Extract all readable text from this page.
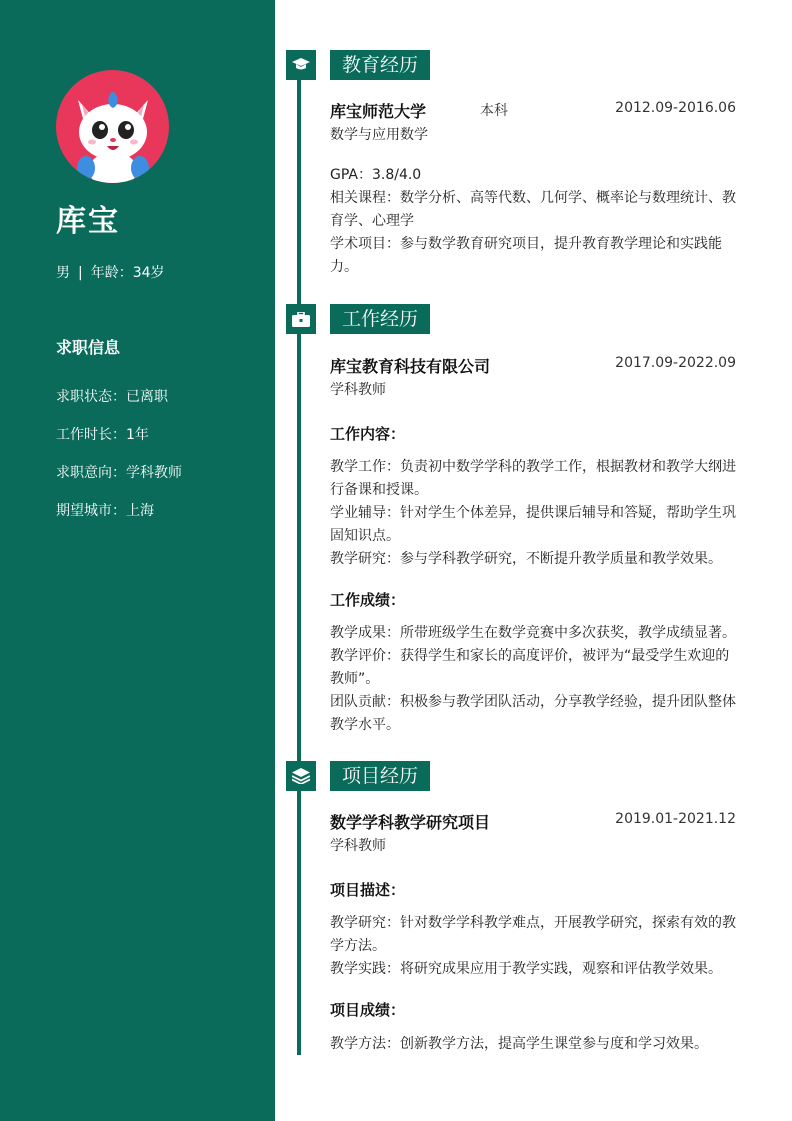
库宝
男 | 年龄：34岁
求职信息
求职状态：已离职
工作时长：1年
求职意向：学科教师
期望城市：上海
教育经历
库宝师范大学	本科	2012.09-2016.06
数学与应用数学
GPA：3.8/4.0
相关课程：数学分析、高等代数、几何学、概率论与数理统计、教
育学、心理学
学术项目：参与数学教育研究项目，提升教育教学理论和实践能
力。
工作经历
库宝教育科技有限公司	2017.09-2022.09
学科教师
工作内容：
教学工作：负责初中数学学科的教学工作，根据教材和教学大纲进
行备课和授课。
学业辅导：针对学生个体差异，提供课后辅导和答疑，帮助学生巩
固知识点。
教学研究：参与学科教学研究，不断提升教学质量和教学效果。
工作成绩：
教学成果：所带班级学生在数学竞赛中多次获奖，教学成绩显著。
教学评价：获得学生和家长的高度评价，被评为“最受学生欢迎的
教师”。
团队贡献：积极参与教学团队活动，分享教学经验，提升团队整体
教学水平。
项目经历
数学学科教学研究项目	2019.01-2021.12
学科教师
项目描述：
教学研究：针对数学学科教学难点，开展教学研究，探索有效的教
学方法。
教学实践：将研究成果应用于教学实践，观察和评估教学效果。
项目成绩：
教学方法：创新教学方法，提高学生课堂参与度和学习效果。
